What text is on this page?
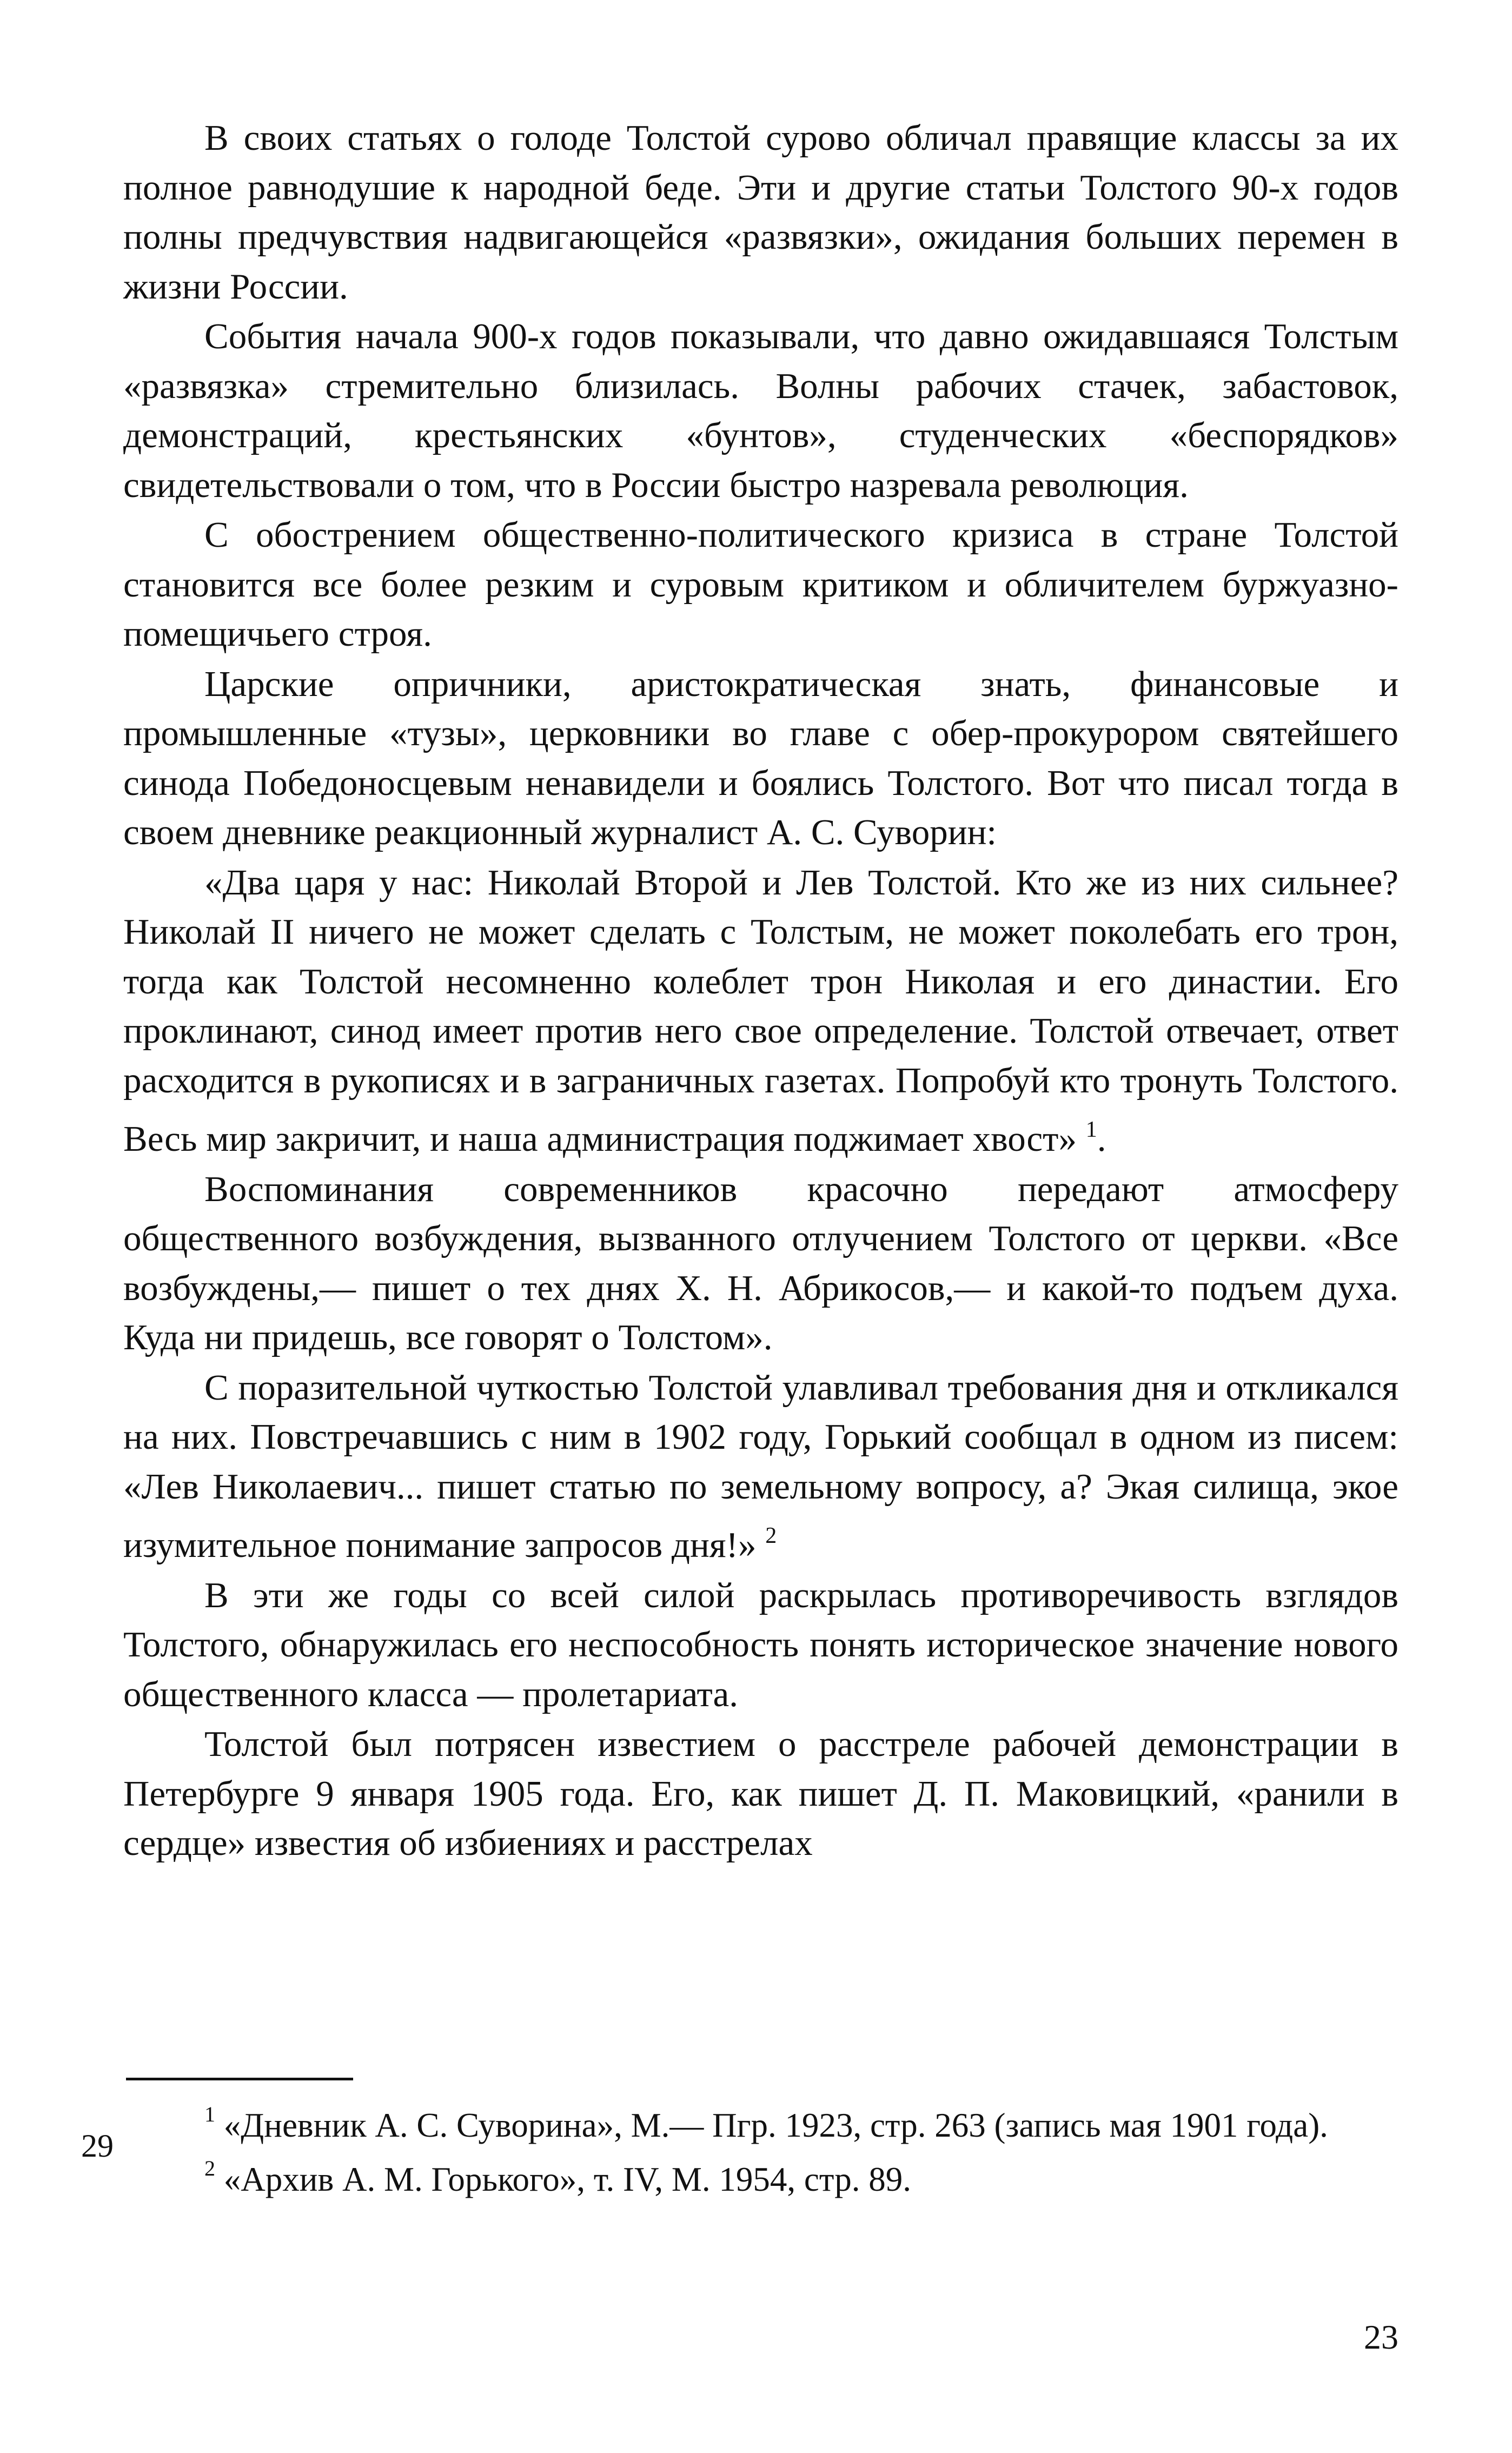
В своих статьях о голоде Толстой сурово обличал правящие классы за их полное равнодушие к народной беде. Эти и другие статьи Толстого 90-х годов полны предчувствия надвигающейся «развязки», ожидания больших перемен в жизни России.

События начала 900-х годов показывали, что давно ожидавшаяся Толстым «развязка» стремительно близилась. Волны рабочих стачек, забастовок, демонстраций, крестьянских «бунтов», студенческих «беспорядков» свидетельствовали о том, что в России быстро назревала революция.

С обострением общественно-политического кризиса в стране Толстой становится все более резким и суровым критиком и обличителем буржуазно-помещичьего строя.

Царские опричники, аристократическая знать, финансовые и промышленные «тузы», церковники во главе с обер-прокурором святейшего синода Победоносцевым ненавидели и боялись Толстого. Вот что писал тогда в своем дневнике реакционный журналист А. С. Суворин:

«Два царя у нас: Николай Второй и Лев Толстой. Кто же из них сильнее? Николай II ничего не может сделать с Толстым, не может поколебать его трон, тогда как Толстой несомненно колеблет трон Николая и его династии. Его проклинают, синод имеет против него свое определение. Толстой отвечает, ответ расходится в рукописях и в заграничных газетах. Попробуй кто тронуть Толстого. Весь мир закричит, и наша администрация поджимает хвост» $^1$.

Воспоминания современников красочно передают атмосферу общественного возбуждения, вызванного отлучением Толстого от церкви. «Все возбуждены,— пишет о тех днях Х. Н. Абрикосов,— и какой-то подъем духа. Куда ни придешь, все говорят о Толстом».

С поразительной чуткостью Толстой улавливал требования дня и откликался на них. Повстречавшись с ним в 1902 году, Горький сообщал в одном из писем: «Лев Николаевич... пишет статью по земельному вопросу, а? Экая силища, экое изумительное понимание запросов дня!» $^2$

В эти же годы со всей силой раскрылась противоречивость взглядов Толстого, обнаружилась его неспособность понять историческое значение нового общественного класса — пролетариата.

Толстой был потрясен известием о расстреле рабочей демонстрации в Петербурге 9 января 1905 года. Его, как пишет Д. П. Маковицкий, «ранили в сердце» известия об избиениях и расстрелах

$^1$ «Дневник А. С. Суворина», М.— Пгр. 1923, стр. 263 (запись мая 1901 года).

$^2$ «Архив А. М. Горького», т. IV, М. 1954, стр. 89.

29
23
